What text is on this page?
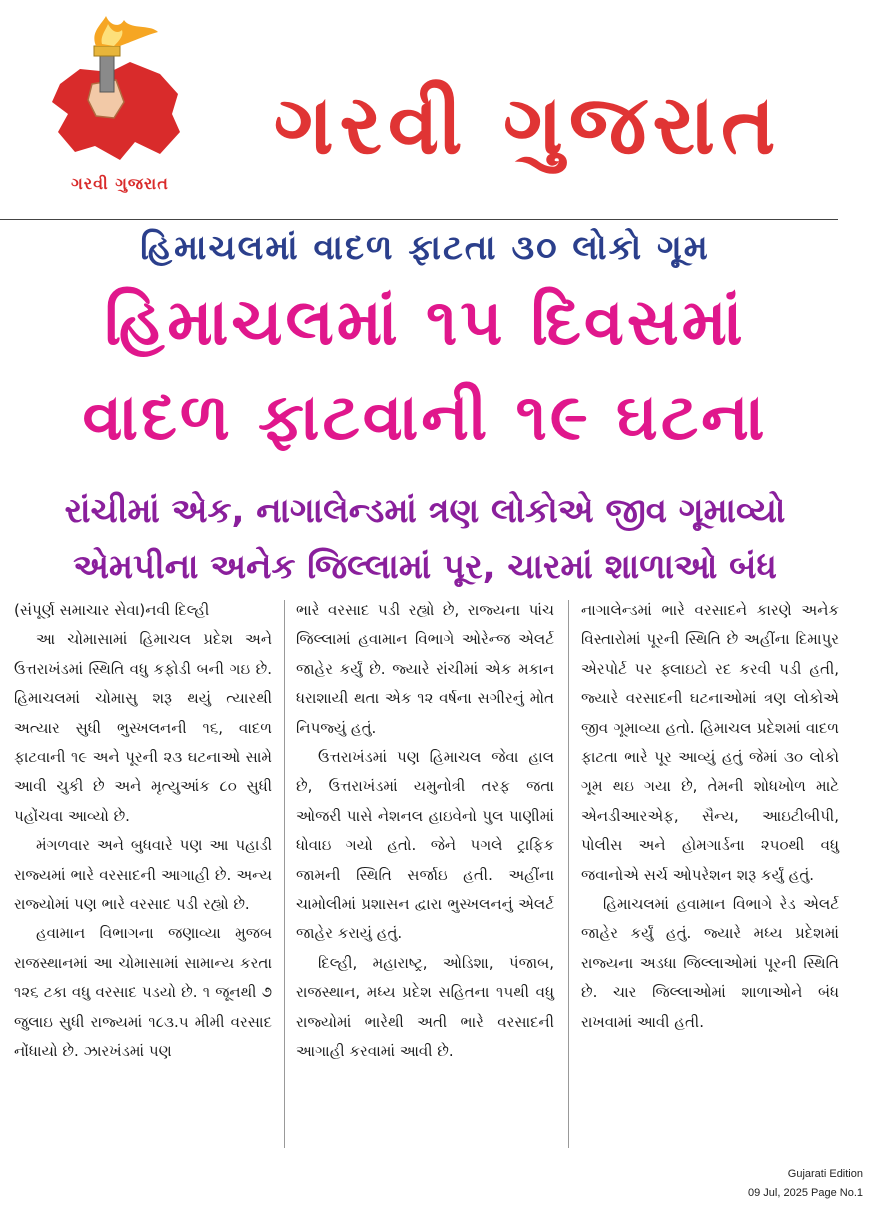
ગરવી ગુજરાત
ગરવી ગુજરાત
હિમાચલમાં વાદળ ફાટતા ૩૦ લોકો ગૂમ
હિમાચલમાં ૧૫ દિવસમાં
વાદળ ફાટવાની ૧૯ ઘટના
રાંચીમાં એક, નાગાલેન્ડમાં ત્રણ લોકોએ જીવ ગૂમાવ્યો
એમપીના અનેક જિલ્લામાં પૂર, ચારમાં શાળાઓ બંધ

(સંપૂર્ણ સમાચાર સેવા)નવી દિલ્હી

આ ચોમાસામાં હિમાચલ પ્રદેશ અને ઉત્તરાખંડમાં સ્થિતિ વધુ કફોડી બની ગઇ છે. હિમાચલમાં ચોમાસુ શરૂ થયું ત્યારથી અત્યાર સુધી ભુસ્ખલનની ૧૬, વાદળ ફાટવાની ૧૯ અને પૂરની ૨૩ ઘટનાઓ સામે આવી ચુકી છે અને મૃત્યુઆંક ૮૦ સુધી પહોંચવા આવ્યો છે.

મંગળવાર અને બુધવારે પણ આ પહાડી રાજ્યમાં ભારે વરસાદની આગાહી છે. અન્ય રાજ્યોમાં પણ ભારે વરસાદ પડી રહ્યો છે.

હવામાન વિભાગના જણાવ્યા મુજબ રાજસ્થાનમાં આ ચોમાસામાં સામાન્ય કરતા ૧૨૬ ટકા વધુ વરસાદ પડયો છે. ૧ જૂનથી ૭ જુલાઇ સુધી રાજ્યમાં ૧૮૩.૫ મીમી વરસાદ નોંધાયો છે. ઝારખંડમાં પણ

ભારે વરસાદ પડી રહ્યો છે, રાજ્યના પાંચ જિલ્લામાં હવામાન વિભાગે ઓરેન્જ એલર્ટ જાહેર કર્યું છે. જ્યારે રાંચીમાં એક મકાન ધરાશાયી થતા એક ૧૨ વર્ષના સગીરનું મોત નિપજ્યું હતું.

ઉત્તરાખંડમાં પણ હિમાચલ જેવા હાલ છે, ઉત્તરાખંડમાં યમુનોત્રી તરફ જતા ઓજરી પાસે નેશનલ હાઇવેનો પુલ પાણીમાં ધોવાઇ ગયો હતો. જેને પગલે ટ્રાફિક જામની સ્થિતિ સર્જાઇ હતી. અહીંના ચામોલીમાં પ્રશાસન દ્વારા ભુસ્ખલનનું એલર્ટ જાહેર કરાયું હતું.

દિલ્હી, મહારાષ્ટ્ર, ઓડિશા, પંજાબ, રાજસ્થાન, મધ્ય પ્રદેશ સહિતના ૧૫થી વધુ રાજ્યોમાં ભારેથી અતી ભારે વરસાદની આગાહી કરવામાં આવી છે.

નાગાલેન્ડમાં ભારે વરસાદને કારણે અનેક વિસ્તારોમાં પૂરની સ્થિતિ છે અહીંના દિમાપુર એરપોર્ટ પર ફ્લાઇટો રદ કરવી પડી હતી, જ્યારે વરસાદની ઘટનાઓમાં ત્રણ લોકોએ જીવ ગૂમાવ્યા હતો. હિમાચલ પ્રદેશમાં વાદળ ફાટતા ભારે પૂર આવ્યું હતું જેમાં ૩૦ લોકો ગૂમ થઇ ગયા છે, તેમની શોધખોળ માટે એનડીઆરએફ, સૈન્ય, આઇટીબીપી, પોલીસ અને હોમગાર્ડના ૨૫૦થી વધુ જવાનોએ સર્ચ ઓપરેશન શરૂ કર્યું હતું.

હિમાચલમાં હવામાન વિભાગે રેડ એલર્ટ જાહેર કર્યું હતું. જ્યારે મધ્ય પ્રદેશમાં રાજ્યના અડધા જિલ્લાઓમાં પૂરની સ્થિતિ છે. ચાર જિલ્લાઓમાં શાળાઓને બંધ રાખવામાં આવી હતી.

Gujarati Edition
09 Jul, 2025 Page No.1
